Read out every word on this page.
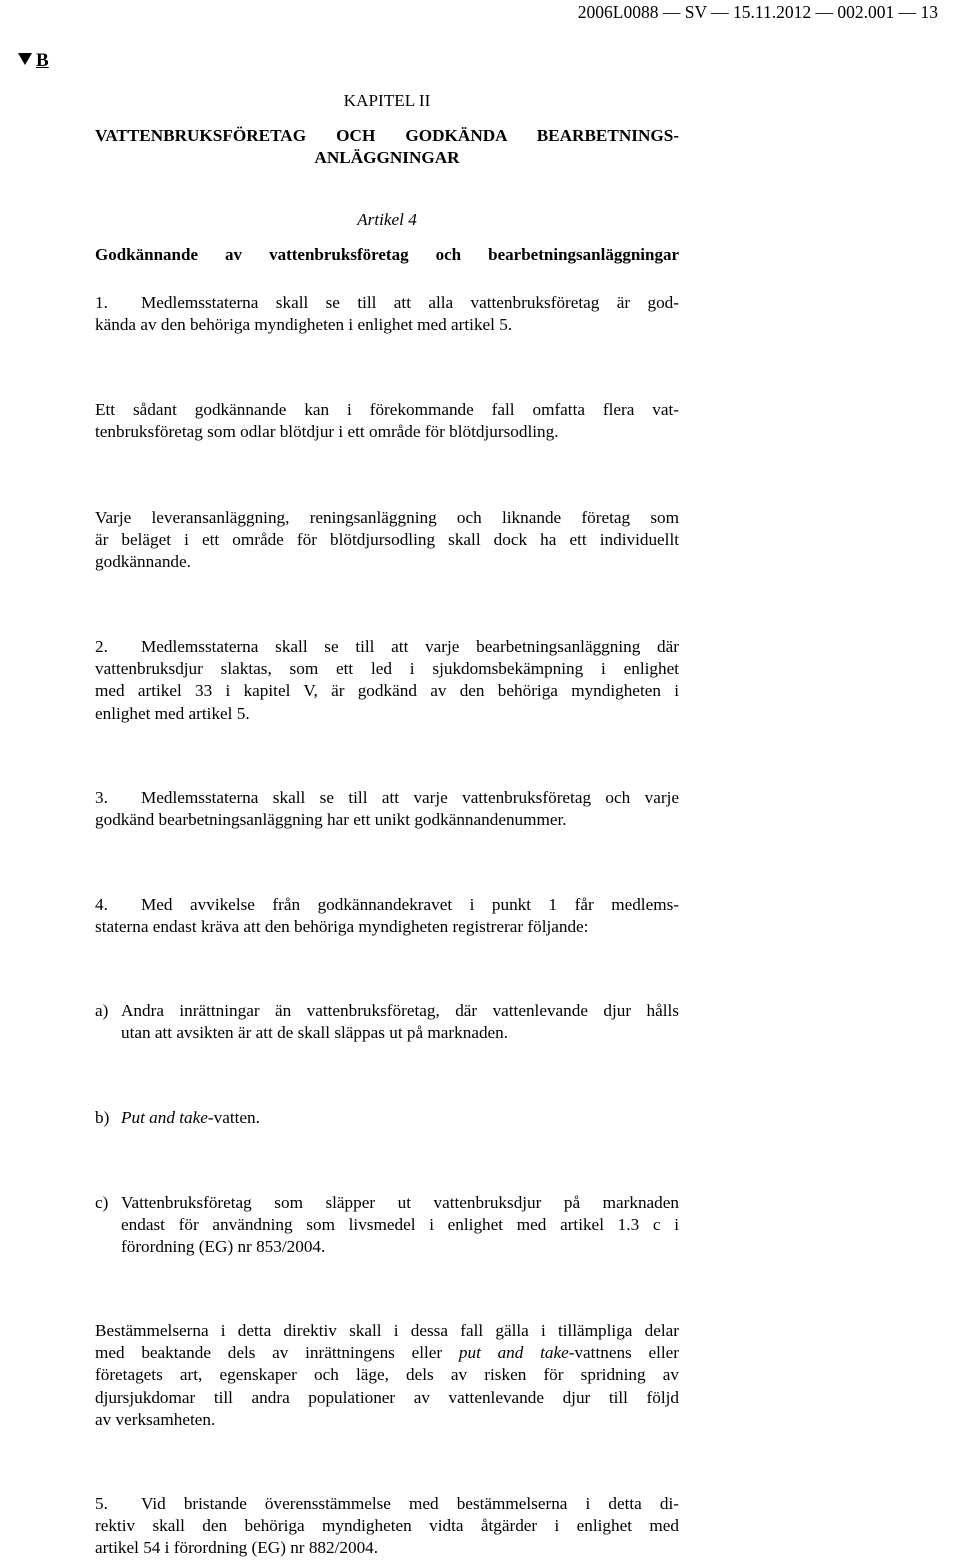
2006L0088 — SV — 15.11.2012 — 002.001 — 13
B
KAPITEL II
VATTENBRUKSFÖRETAG OCH GODKÄNDA BEARBETNINGS-
ANLÄGGNINGAR
Artikel 4
Godkännande av vattenbruksföretag och bearbetningsanläggningar
1. Medlemsstaterna skall se till att alla vattenbruksföretag är god-
kända av den behöriga myndigheten i enlighet med artikel 5.
Ett sådant godkännande kan i förekommande fall omfatta flera vat-
tenbruksföretag som odlar blötdjur i ett område för blötdjursodling.
Varje leveransanläggning, reningsanläggning och liknande företag som
är beläget i ett område för blötdjursodling skall dock ha ett individuellt
godkännande.
2. Medlemsstaterna skall se till att varje bearbetningsanläggning där
vattenbruksdjur slaktas, som ett led i sjukdomsbekämpning i enlighet
med artikel 33 i kapitel V, är godkänd av den behöriga myndigheten i
enlighet med artikel 5.
3. Medlemsstaterna skall se till att varje vattenbruksföretag och varje
godkänd bearbetningsanläggning har ett unikt godkännandenummer.
4. Med avvikelse från godkännandekravet i punkt 1 får medlems-
staterna endast kräva att den behöriga myndigheten registrerar följande:
a) Andra inrättningar än vattenbruksföretag, där vattenlevande djur hålls
utan att avsikten är att de skall släppas ut på marknaden.
b) Put and take-vatten.
c) Vattenbruksföretag som släpper ut vattenbruksdjur på marknaden
endast för användning som livsmedel i enlighet med artikel 1.3 c i
förordning (EG) nr 853/2004.
Bestämmelserna i detta direktiv skall i dessa fall gälla i tillämpliga delar
med beaktande dels av inrättningens eller put and take-vattnens eller
företagets art, egenskaper och läge, dels av risken för spridning av
djursjukdomar till andra populationer av vattenlevande djur till följd
av verksamheten.
5. Vid bristande överensstämmelse med bestämmelserna i detta di-
rektiv skall den behöriga myndigheten vidta åtgärder i enlighet med
artikel 54 i förordning (EG) nr 882/2004.
